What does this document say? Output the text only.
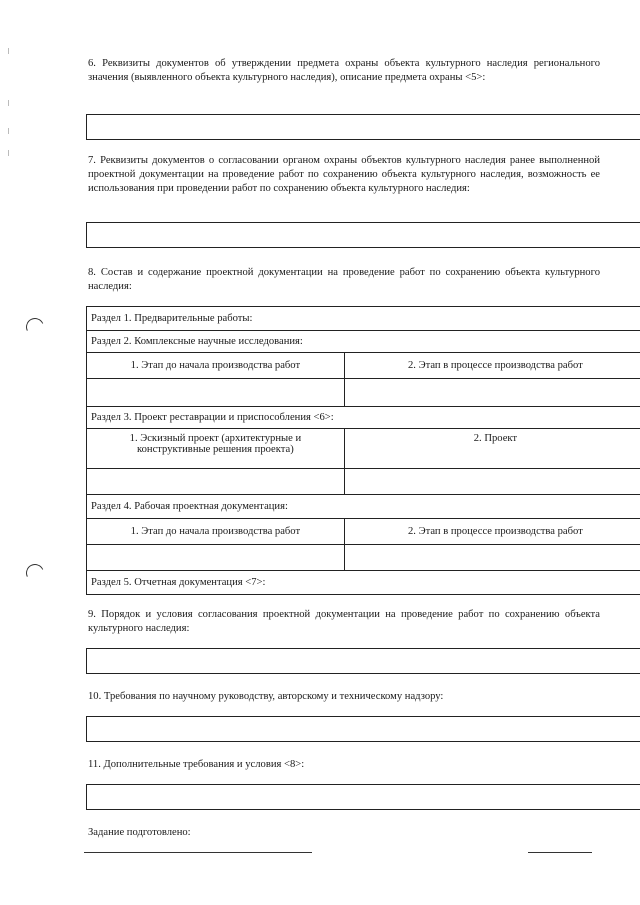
6. Реквизиты документов об утверждении предмета охраны объекта культурного наследия регионального значения (выявленного объекта культурного наследия), описание предмета охраны <5>:
7. Реквизиты документов о согласовании органом охраны объектов культурного наследия ранее выполненной проектной документации на проведение работ по сохранению объекта культурного наследия, возможность ее использования при проведении работ по сохранению объекта культурного наследия:
8. Состав и содержание проектной документации на проведение работ по сохранению объекта культурного наследия:
Раздел 1. Предварительные работы:	
Раздел 2. Комплексные научные исследования:	
1. Этап до начала производства работ	2. Этап в процессе производства работ

Раздел 3. Проект реставрации и приспособления <6>:	

1. Эскизный проект (архитектурные и
конструктивные решения проекта)	2. Проект

Раздел 4. Рабочая проектная документация:	
1. Этап до начала производства работ	2. Этап в процессе производства работ

Раздел 5. Отчетная документация <7>:	
9. Порядок и условия согласования проектной документации на проведение работ по сохранению объекта культурного наследия:
10. Требования по научному руководству, авторскому и техническому надзору:
11. Дополнительные требования и условия <8>:
Задание подготовлено:
